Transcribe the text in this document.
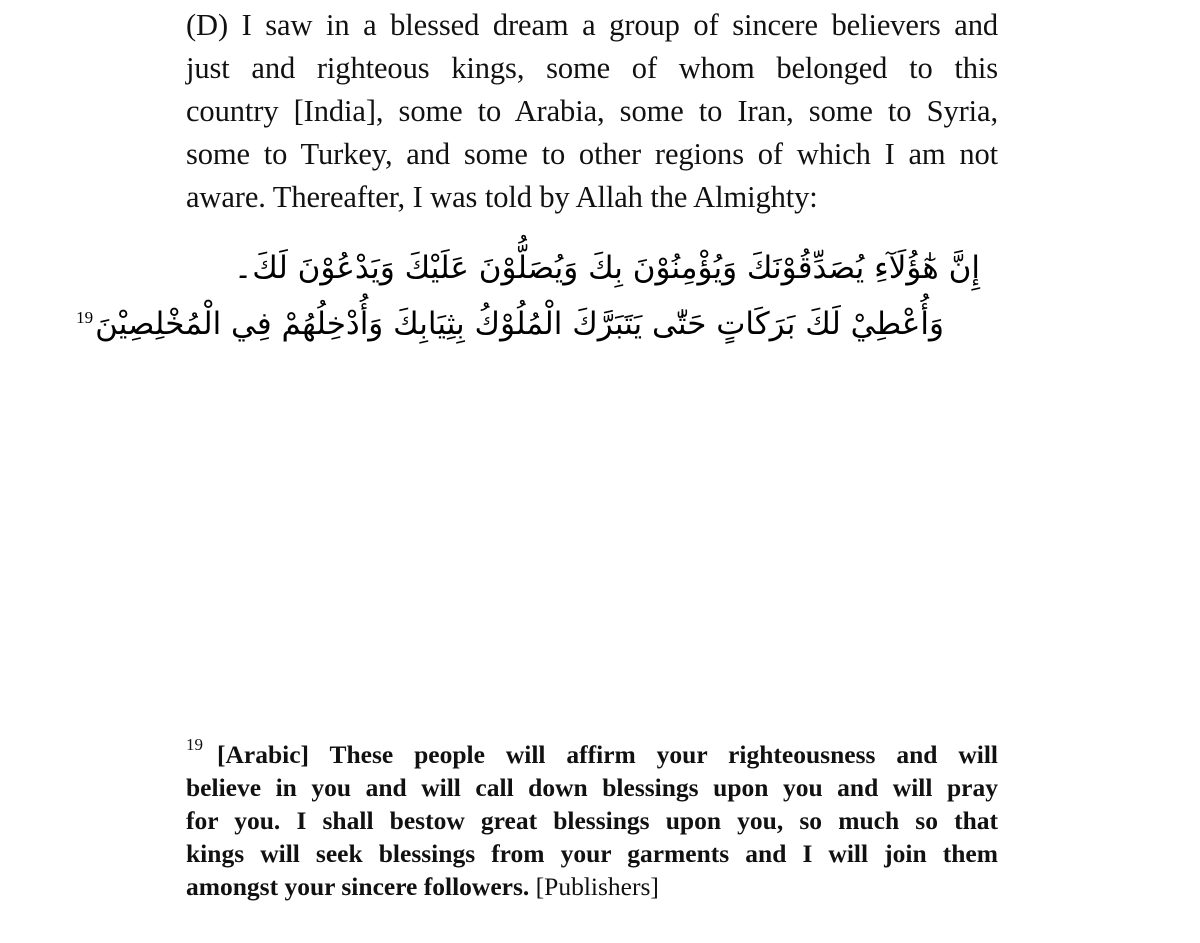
(D) I saw in a blessed dream a group of sincere believers and
just and righteous kings, some of whom belonged to this
country [India], some to Arabia, some to Iran, some to Syria,
some to Turkey, and some to other regions of which I am not
aware. Thereafter, I was told by Allah the Almighty:

إِنَّ هٰٓؤُلَآءِ يُصَدِّقُوْنَكَ وَيُؤْمِنُوْنَ بِكَ وَيُصَلُّوْنَ عَلَيْكَ وَيَدْعُوْنَ لَكَ۔
وَأُعْطِيْ لَكَ بَرَكَاتٍ حَتّٰى يَتَبَرَّكَ الْمُلُوْكُ بِثِيَابِكَ وَأُدْخِلُهُمْ فِي الْمُخْلِصِيْنَ$^{19}$

$^{19}$ [Arabic] These people will affirm your righteousness and will
believe in you and will call down blessings upon you and will pray
for you. I shall bestow great blessings upon you, so much so that
kings will seek blessings from your garments and I will join them
amongst your sincere followers. [Publishers]
